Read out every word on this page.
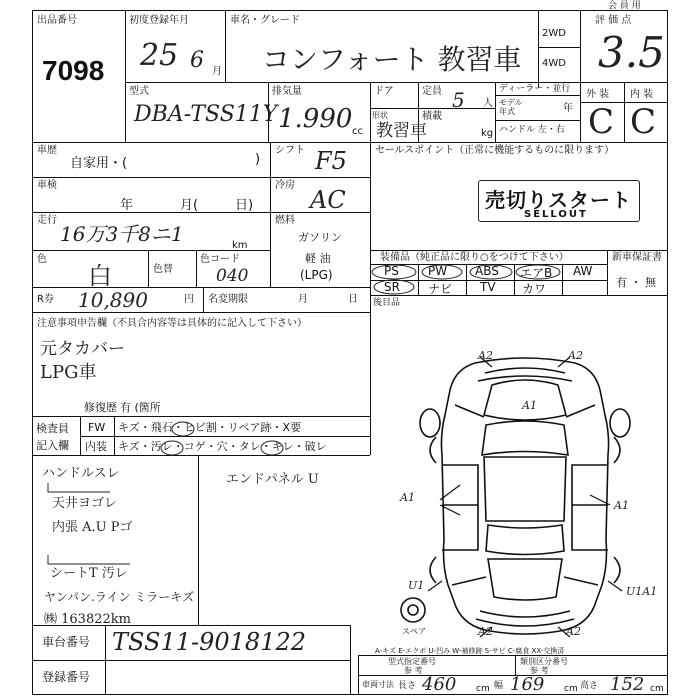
会 員 用
出品番号
7098
初度登録年月
25 6 月
車名・グレード
コンフォート 教習車
2WD
4WD
評 価 点
3.5
型式
DBA-TSS11Y
排気量
1.990 cc
ドア	定員 5 人
形状
教習車
積載
kg
ディーラー・並行
モデル年式	年
ハンドル 左・右
外 装 内 装
C C
車歴
自家用・(	)
シフト F5
車検
年	月(	日)
冷房
AC
走行
16万3千8ニ1	km
燃料
ガソリン
軽 油
(LPG)
色
白	色替
色コード
040
R券 10,890	円 名変期限	月	日
セールスポイント（正常に機能するものに限ります）
売切りスタート
SELLOUT
装備品（純正品に限り○をつけて下さい）	新車保証書
有 ・ 無
PS PW ABS エアB AW
SR ナビ TV カワ
後目品
注意事項申告欄（不具合内容等は具体的に記入して下さい）
元タカバー
LPG車
修復歴 有 (箇所
検査員
記入欄
FW キズ・飛石・ヒビ割・リペア跡・X要
内装 キズ・汚レ・コゲ・穴・タレ・キレ・破レ
ハンドルスレ
天井ヨゴレ
内張 A.U Pゴ
シートT 汚レ
ヤンパン.ライン ミラーキズ
㈱ 163822km
エンドパネル U
A2	A2
A1
A1
A1
U1	U1A1
A2	A2
スペア
A-キズ E-エクボ U-凹み W-補修跡 S-サビ C-腐食 XX-交換済
車台番号 TSS11-9018122
登録番号
型式指定番号
参 考
類別区分番号
参 考
車両寸法 長さ 460 cm 幅 169 cm 高さ 152 cm
